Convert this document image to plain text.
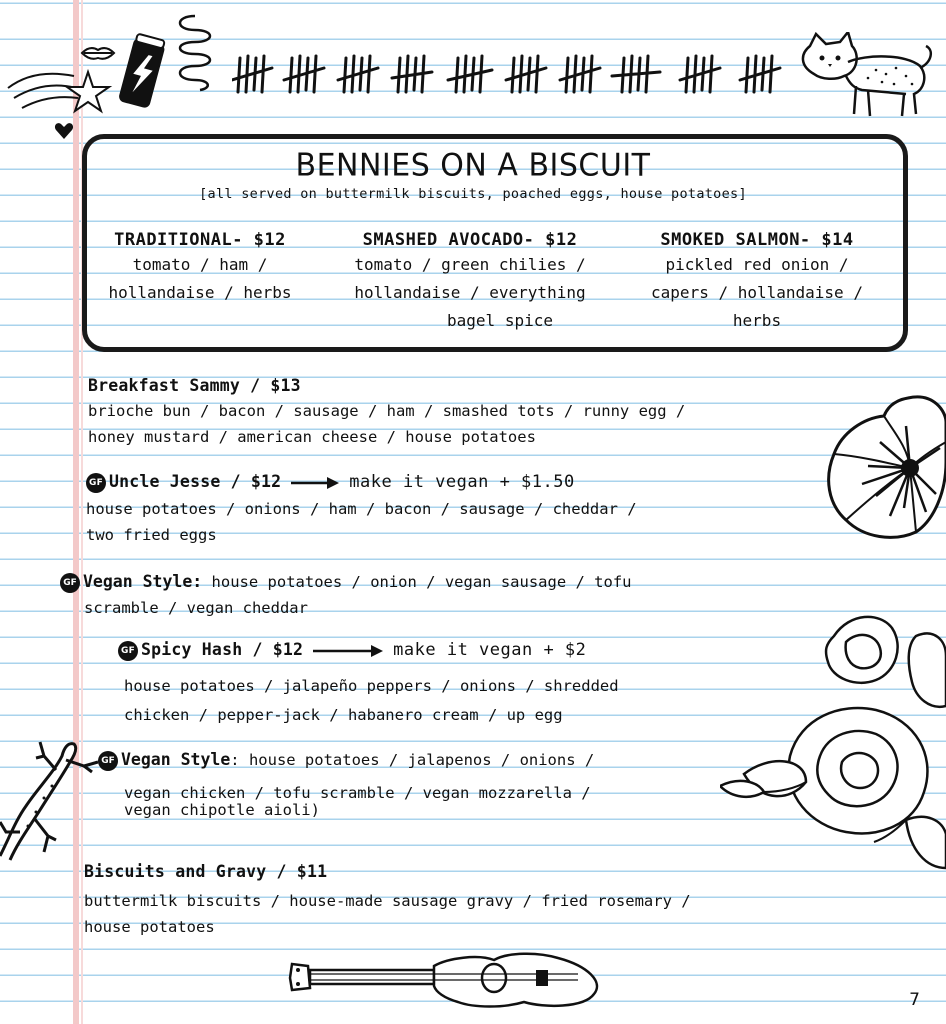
BENNIES ON A BISCUIT
[all served on buttermilk biscuits, poached eggs, house potatoes]
TRADITIONAL- $12
tomato / ham /
hollandaise / herbs
SMASHED AVOCADO- $12
tomato / green chilies /
hollandaise / everything
bagel spice
SMOKED SALMON- $14
pickled red onion /
capers / hollandaise /
herbs
Breakfast Sammy / $13
brioche bun / bacon / sausage / ham / smashed tots / runny egg /
honey mustard / american cheese / house potatoes
GF Uncle Jesse / $12	make it vegan + $1.50
house potatoes / onions / ham / bacon / sausage / cheddar /
two fried eggs
GF Vegan Style: house potatoes / onion / vegan sausage / tofu
scramble / vegan cheddar
GF Spicy Hash / $12	make it vegan + $2
house potatoes / jalapeño peppers / onions / shredded
chicken / pepper-jack / habanero cream / up egg
GF Vegan Style: house potatoes / jalapenos / onions /
vegan chicken / tofu scramble / vegan mozzarella /
vegan chipotle aioli)
Biscuits and Gravy / $11
buttermilk biscuits / house-made sausage gravy / fried rosemary /
house potatoes
7
